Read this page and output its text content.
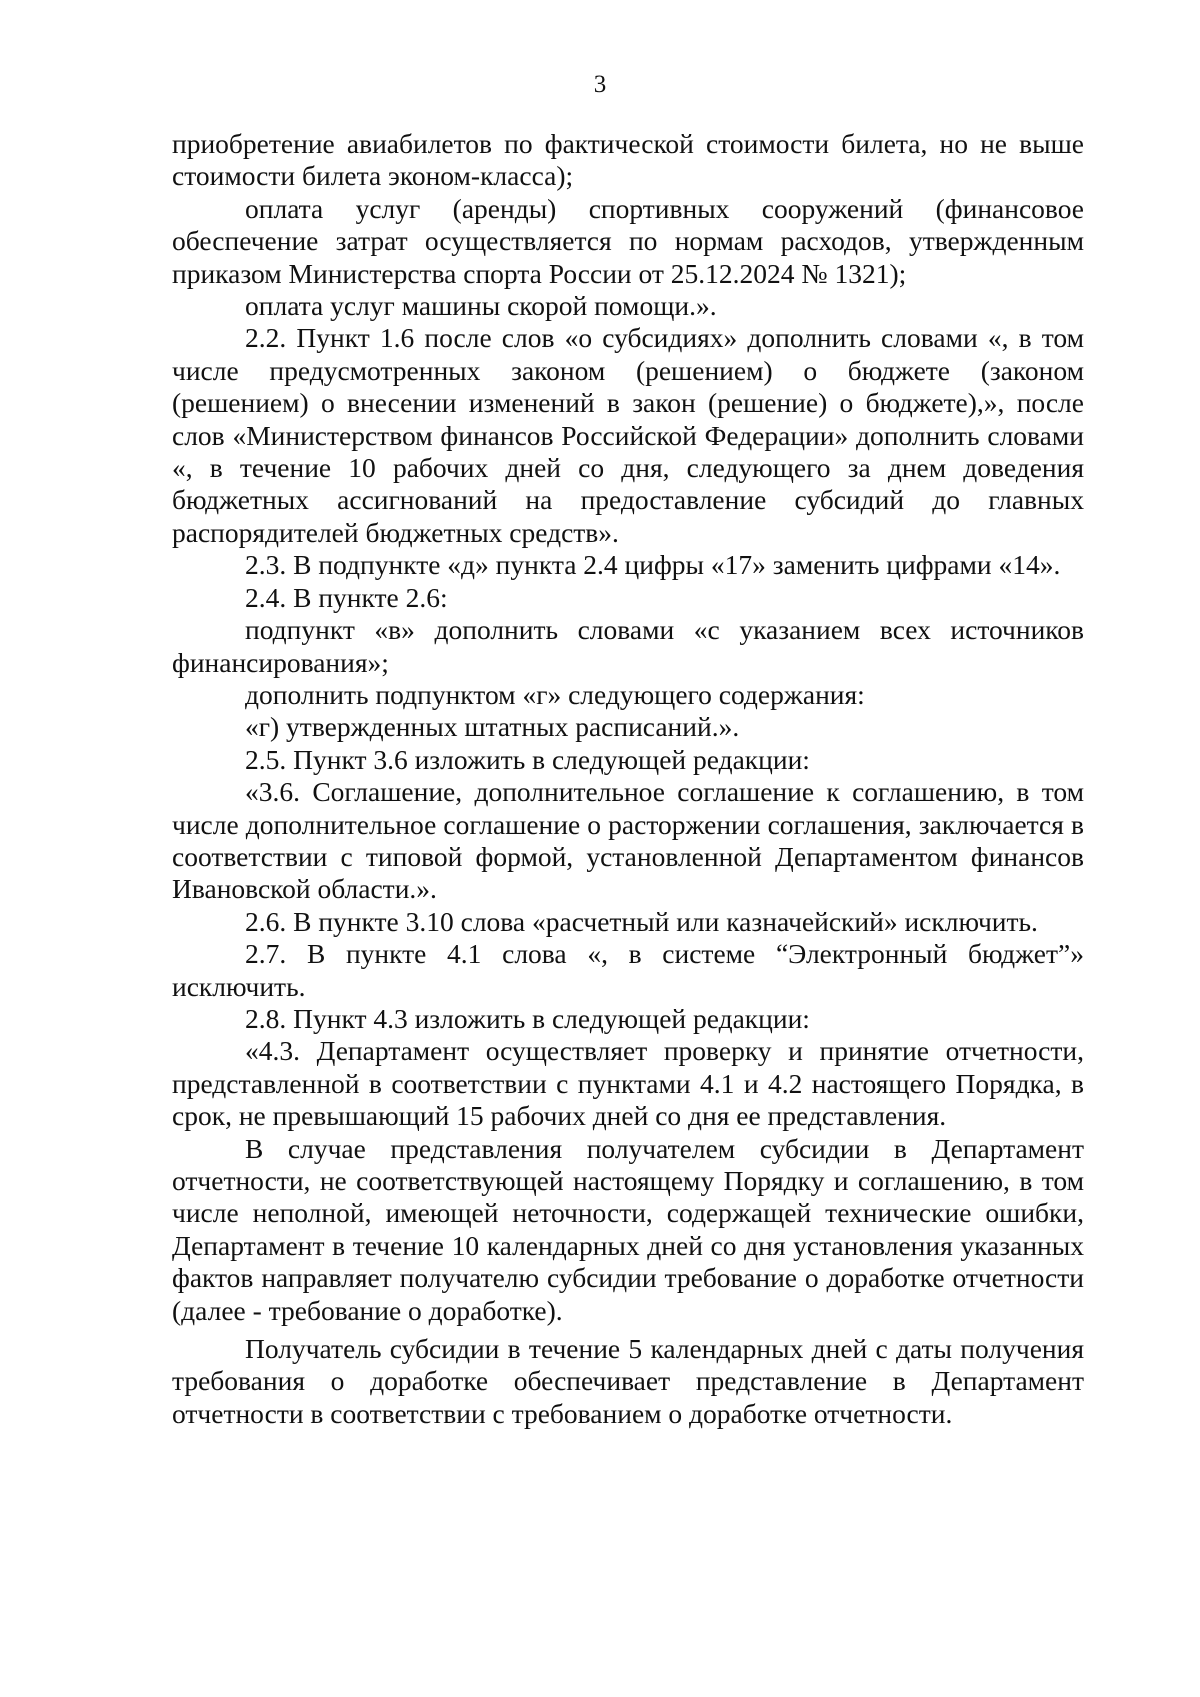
3

приобретение авиабилетов по фактической стоимости билета, но не выше стоимости билета эконом-класса);

оплата услуг (аренды) спортивных сооружений (финансовое обеспечение затрат осуществляется по нормам расходов, утвержденным приказом Министерства спорта России от 25.12.2024 № 1321);

оплата услуг машины скорой помощи.».

2.2. Пункт 1.6 после слов «о субсидиях» дополнить словами «, в том числе предусмотренных законом (решением) о бюджете (законом (решением) о внесении изменений в закон (решение) о бюджете),», после слов «Министерством финансов Российской Федерации» дополнить словами «, в течение 10 рабочих дней со дня, следующего за днем доведения бюджетных ассигнований на предоставление субсидий до главных распорядителей бюджетных средств».

2.3. В подпункте «д» пункта 2.4 цифры «17» заменить цифрами «14».

2.4. В пункте 2.6:

подпункт «в» дополнить словами «с указанием всех источников финансирования»;

дополнить подпунктом «г» следующего содержания:

«г) утвержденных штатных расписаний.».

2.5. Пункт 3.6 изложить в следующей редакции:

«3.6. Соглашение, дополнительное соглашение к соглашению, в том числе дополнительное соглашение о расторжении соглашения, заключается в соответствии с типовой формой, установленной Департаментом финансов Ивановской области.».

2.6. В пункте 3.10 слова «расчетный или казначейский» исключить.

2.7. В пункте 4.1 слова «, в системе “Электронный бюджет”» исключить.

2.8. Пункт 4.3 изложить в следующей редакции:

«4.3. Департамент осуществляет проверку и принятие отчетности, представленной в соответствии с пунктами 4.1 и 4.2 настоящего Порядка, в срок, не превышающий 15 рабочих дней со дня ее представления.

В случае представления получателем субсидии в Департамент отчетности, не соответствующей настоящему Порядку и соглашению, в том числе неполной, имеющей неточности, содержащей технические ошибки, Департамент в течение 10 календарных дней со дня установления указанных фактов направляет получателю субсидии требование о доработке отчетности (далее - требование о доработке).

Получатель субсидии в течение 5 календарных дней с даты получения требования о доработке обеспечивает представление в Департамент отчетности в соответствии с требованием о доработке отчетности.
